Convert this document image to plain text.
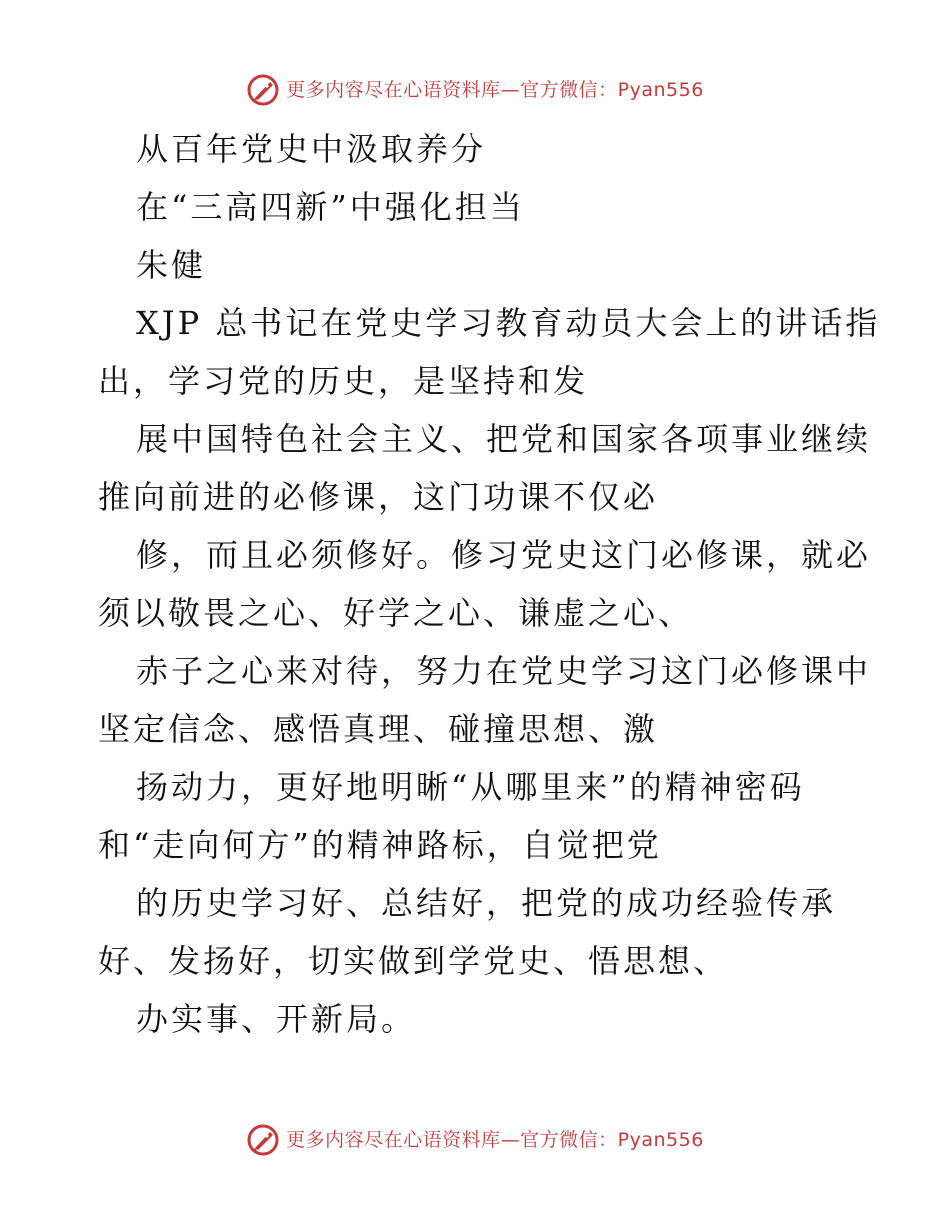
更多内容尽在心语资料库—官方微信：Pyan556
从百年党史中汲取养分
在“三高四新”中强化担当
朱健
XJP 总书记在党史学习教育动员大会上的讲话指
出，学习党的历史，是坚持和发
展中国特色社会主义、把党和国家各项事业继续
推向前进的必修课，这门功课不仅必
修，而且必须修好。修习党史这门必修课，就必
须以敬畏之心、好学之心、谦虚之心、
赤子之心来对待，努力在党史学习这门必修课中
坚定信念、感悟真理、碰撞思想、激
扬动力，更好地明晰“从哪里来”的精神密码
和“走向何方”的精神路标，自觉把党
的历史学习好、总结好，把党的成功经验传承
好、发扬好，切实做到学党史、悟思想、
办实事、开新局。
更多内容尽在心语资料库—官方微信：Pyan556
